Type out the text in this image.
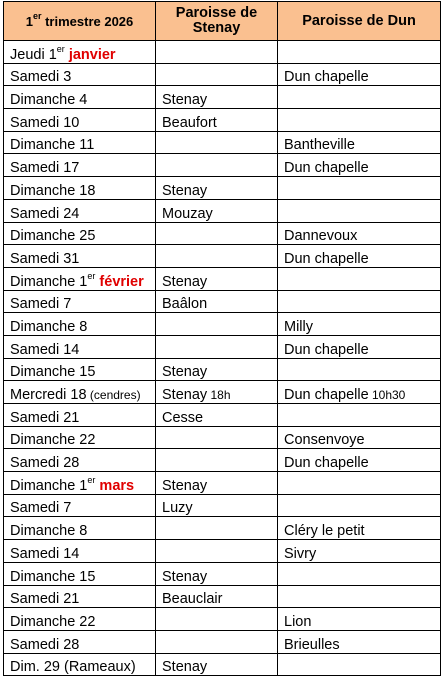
1er trimestre 2026	Paroisse de Stenay	Paroisse de Dun
Jeudi 1er janvier		
Samedi 3		Dun chapelle
Dimanche 4	Stenay	
Samedi 10	Beaufort	
Dimanche 11		Bantheville
Samedi 17		Dun chapelle
Dimanche 18	Stenay	
Samedi 24	Mouzay	
Dimanche 25		Dannevoux
Samedi 31		Dun chapelle
Dimanche 1er février	Stenay	
Samedi 7	Baâlon	
Dimanche 8		Milly
Samedi 14		Dun chapelle
Dimanche 15	Stenay	
Mercredi 18 (cendres)	Stenay 18h	Dun chapelle 10h30
Samedi 21	Cesse	
Dimanche 22		Consenvoye
Samedi 28		Dun chapelle
Dimanche 1er mars	Stenay	
Samedi 7	Luzy	
Dimanche 8		Cléry le petit
Samedi 14		Sivry
Dimanche 15	Stenay	
Samedi 21	Beauclair	
Dimanche 22		Lion
Samedi 28		Brieulles
Dim. 29 (Rameaux)	Stenay	
